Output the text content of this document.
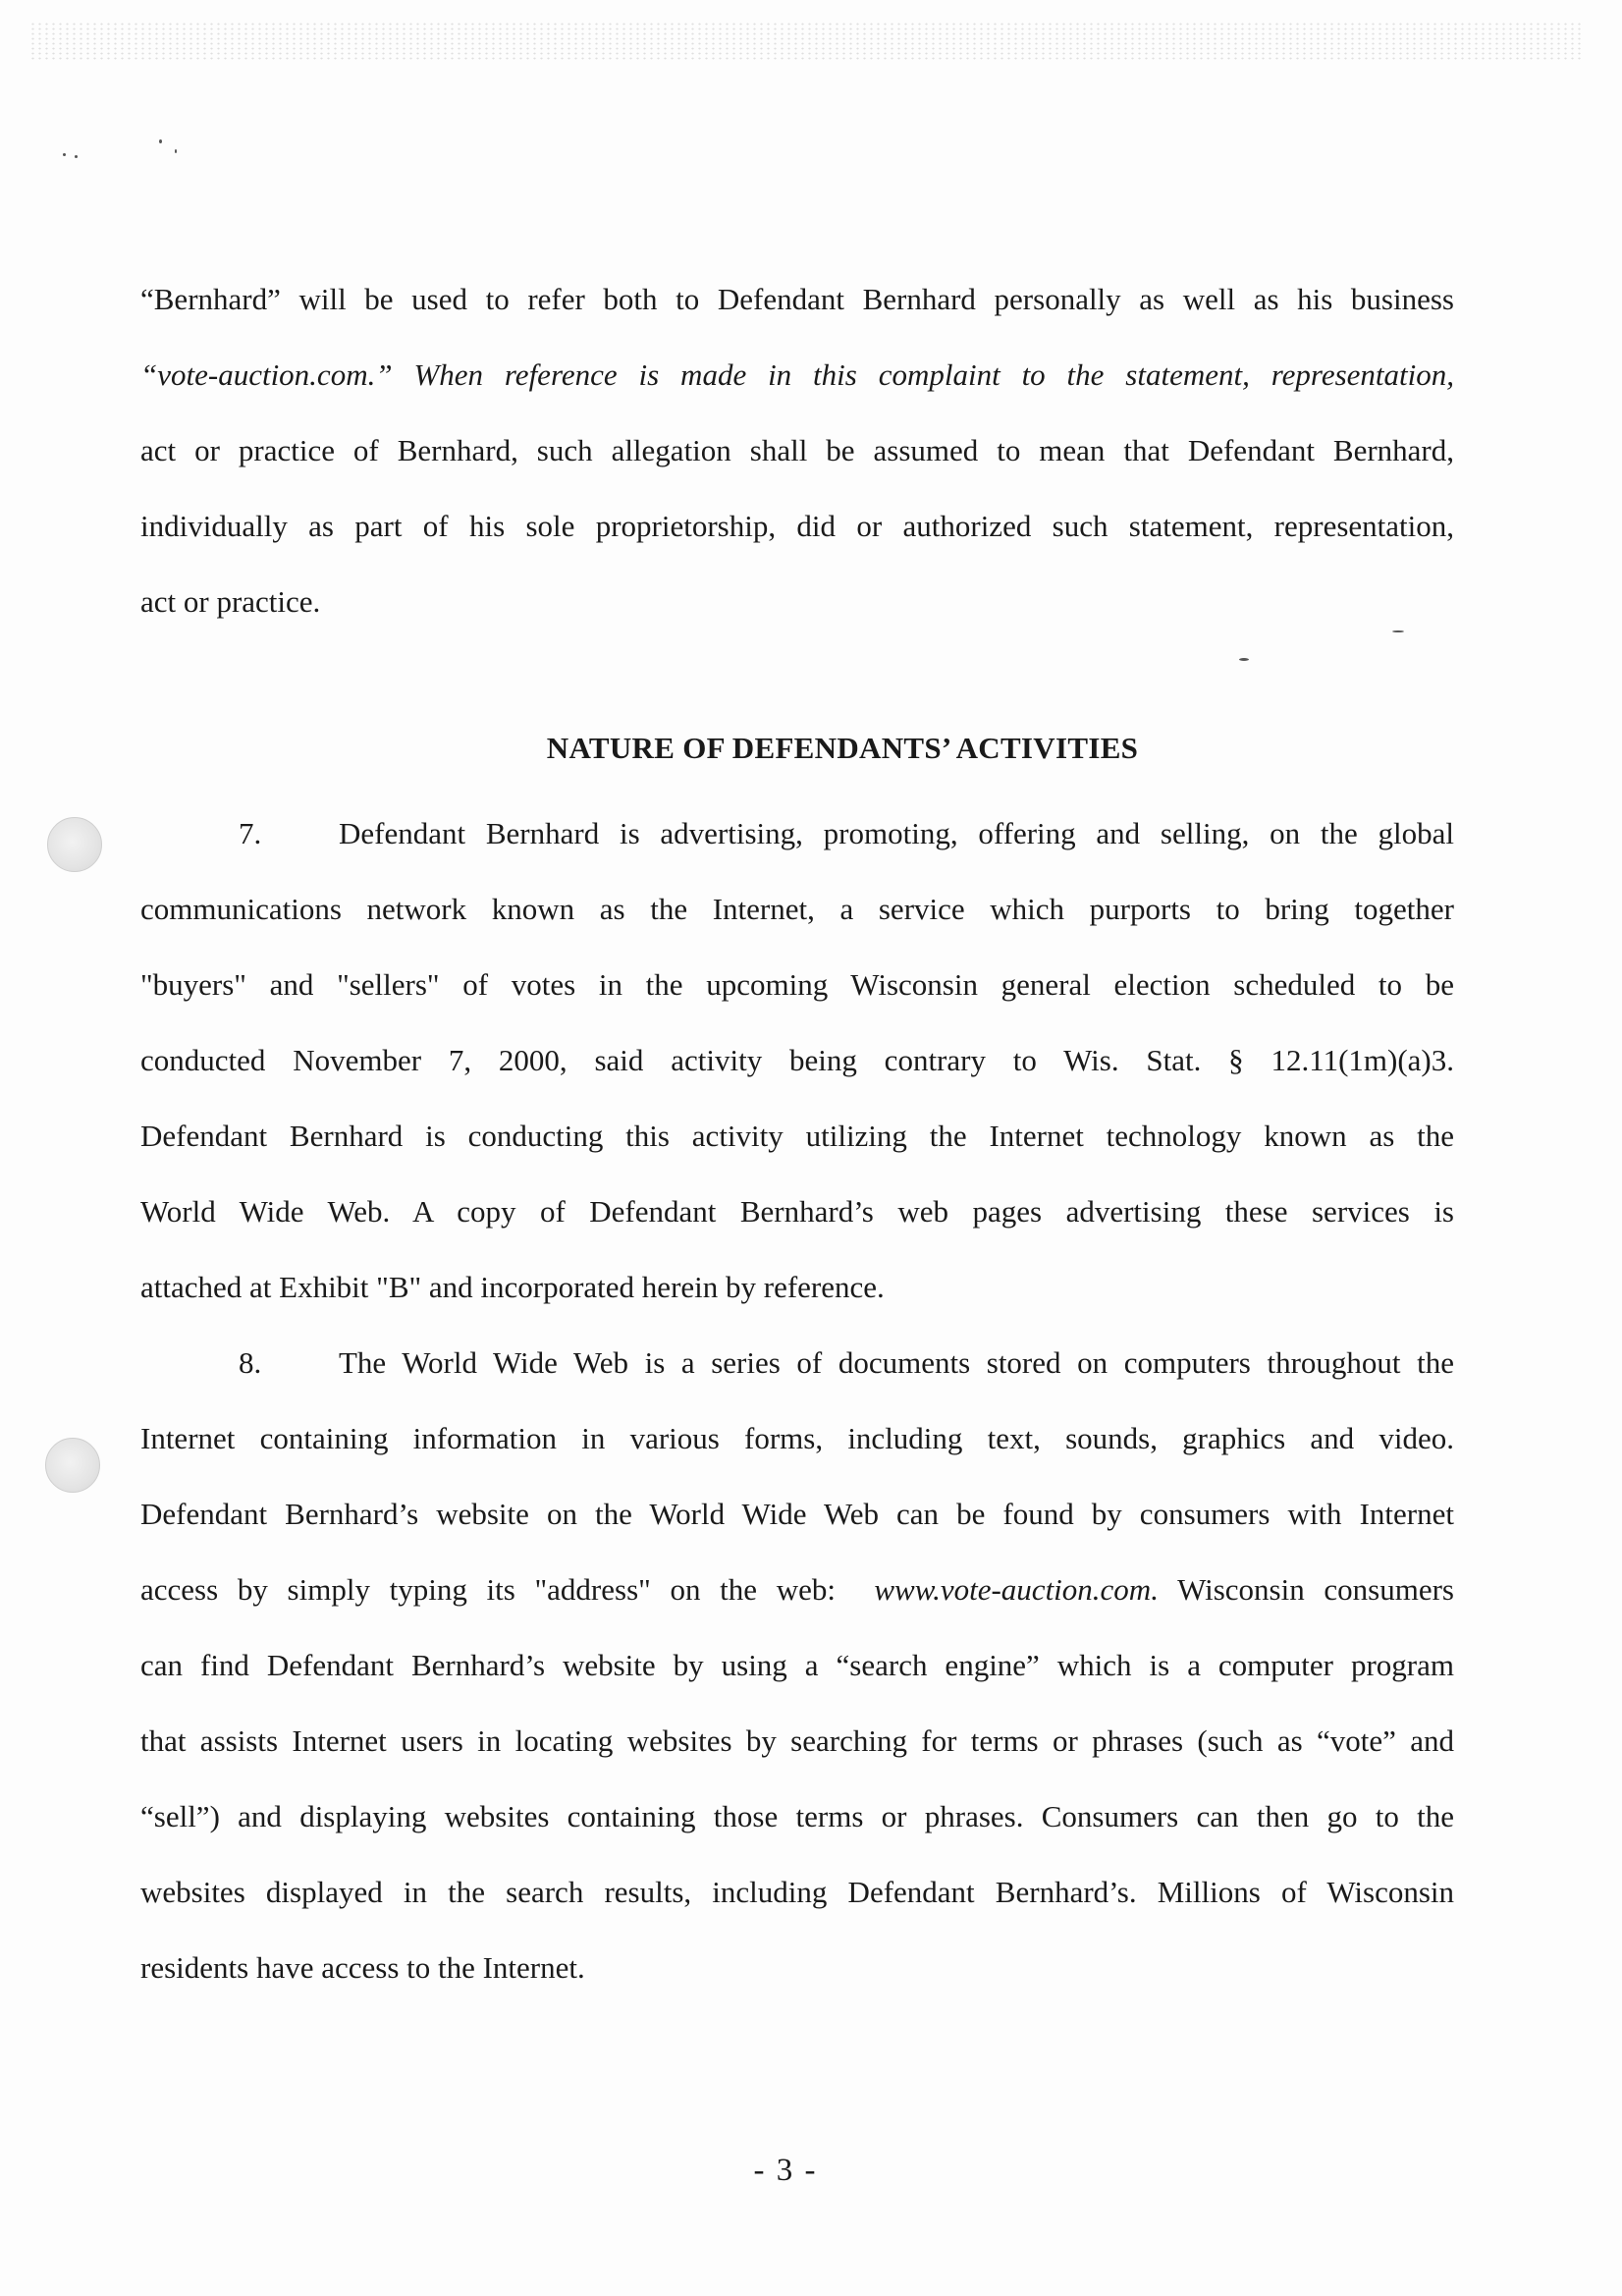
“Bernhard” will be used to refer both to Defendant Bernhard personally as well as his business
“vote-auction.com.” When reference is made in this complaint to the statement, representation,
act or practice of Bernhard, such allegation shall be assumed to mean that Defendant Bernhard,
individually as part of his sole proprietorship, did or authorized such statement, representation,
act or practice.
NATURE OF DEFENDANTS’ ACTIVITIES
7.	Defendant Bernhard is advertising, promoting, offering and selling, on the global
communications network known as the Internet, a service which purports to bring together
"buyers" and "sellers" of votes in the upcoming Wisconsin general election scheduled to be
conducted November 7, 2000, said activity being contrary to Wis. Stat. § 12.11(1m)(a)3.
Defendant Bernhard is conducting this activity utilizing the Internet technology known as the
World Wide Web. A copy of Defendant Bernhard’s web pages advertising these services is
attached at Exhibit "B" and incorporated herein by reference.
8.	The World Wide Web is a series of documents stored on computers throughout the
Internet containing information in various forms, including text, sounds, graphics and video.
Defendant Bernhard’s website on the World Wide Web can be found by consumers with Internet
access by simply typing its "address" on the web: www.vote-auction.com. Wisconsin consumers
can find Defendant Bernhard’s website by using a “search engine” which is a computer program
that assists Internet users in locating websites by searching for terms or phrases (such as “vote” and
“sell”) and displaying websites containing those terms or phrases. Consumers can then go to the
websites displayed in the search results, including Defendant Bernhard’s. Millions of Wisconsin
residents have access to the Internet.
- 3 -
